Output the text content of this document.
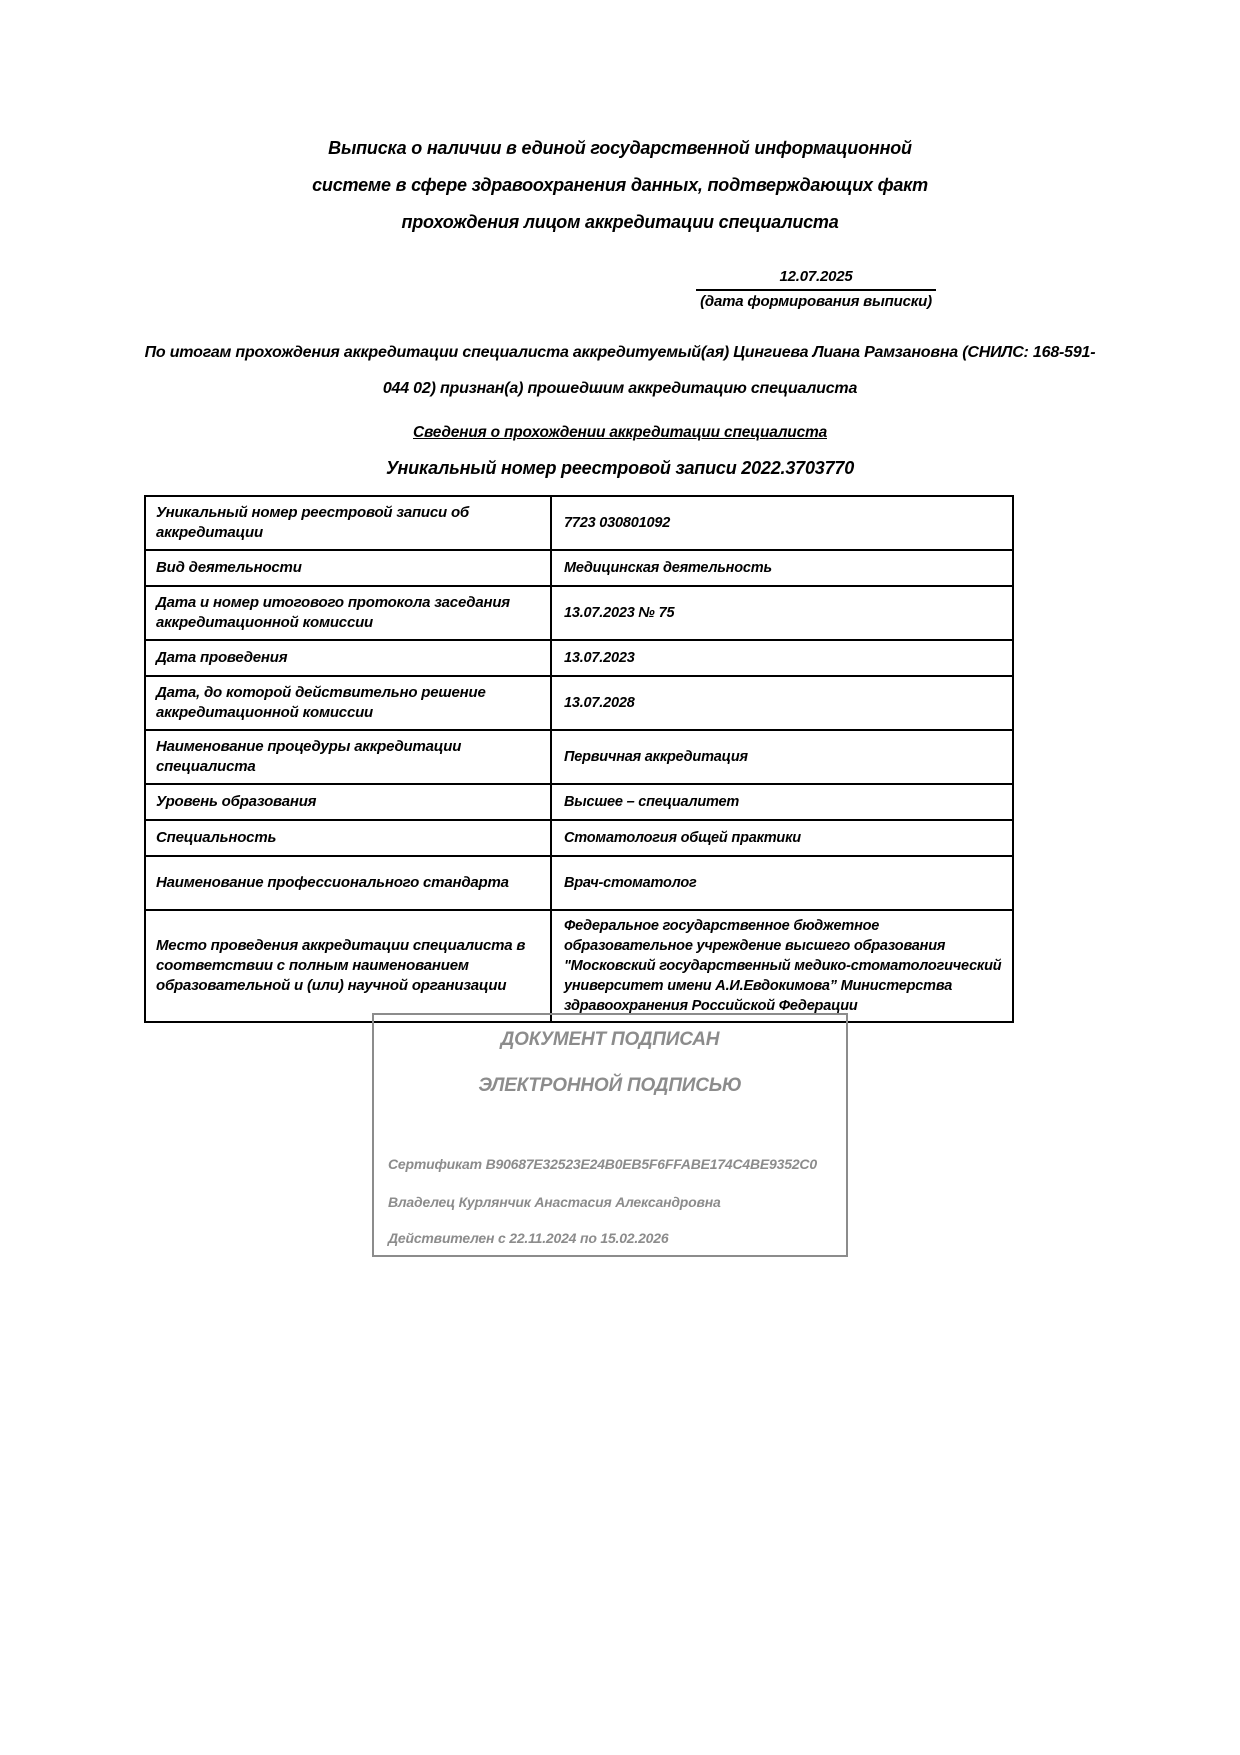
Выписка о наличии в единой государственной информационной
системе в сфере здравоохранения данных, подтверждающих факт
прохождения лицом аккредитации специалиста
12.07.2025
(дата формирования выписки)
По итогам прохождения аккредитации специалиста аккредитуемый(ая) Цингиева Лиана Рамзановна (СНИЛС: 168-591-044 02) признан(а) прошедшим аккредитацию специалиста
Сведения о прохождении аккредитации специалиста
Уникальный номер реестровой записи 2022.3703770
Уникальный номер реестровой записи об аккредитации	7723 030801092
Вид деятельности	Медицинская деятельность
Дата и номер итогового протокола заседания аккредитационной комиссии	13.07.2023 № 75
Дата проведения	13.07.2023
Дата, до которой действительно решение аккредитационной комиссии	13.07.2028
Наименование процедуры аккредитации специалиста	Первичная аккредитация
Уровень образования	Высшее – специалитет
Специальность	Стоматология общей практики
Наименование профессионального стандарта	Врач-стоматолог
Место проведения аккредитации специалиста в соответствии с полным наименованием образовательной и (или) научной организации	Федеральное государственное бюджетное образовательное учреждение высшего образования "Московский государственный медико-стоматологический университет имени А.И.Евдокимова” Министерства здравоохранения Российской Федерации
ДОКУМЕНТ ПОДПИСАН
ЭЛЕКТРОННОЙ ПОДПИСЬЮ
Сертификат B90687E32523E24B0EB5F6FFABE174C4BE9352C0
Владелец Курлянчик Анастасия Александровна
Действителен с 22.11.2024 по 15.02.2026
